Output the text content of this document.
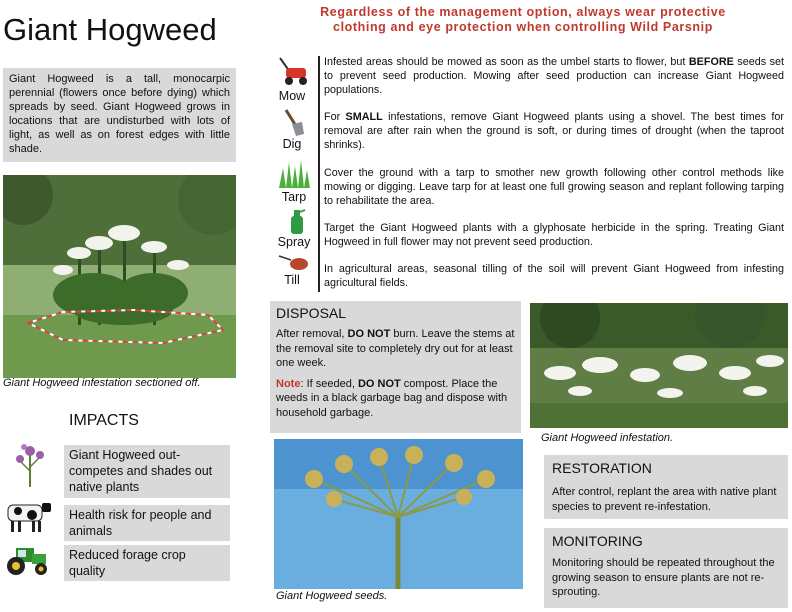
Giant Hogweed

Giant Hogweed is a tall, monocarpic perennial (flowers once before dying) which spreads by seed. Giant Hogweed grows in locations that are undisturbed with lots of light, as well as on forest edges with little shade.

Giant Hogweed infestation sectioned off.
Regardless of the management option, always wear protective
clothing and eye protection when controlling Wild Parsnip
Mow
Dig
Tarp
Spray
Till
Infested areas should be mowed as soon as the umbel starts to flower, but BEFORE seeds set to prevent seed production. Mowing after seed production can increase Giant Hogweed populations.
For SMALL infestations, remove Giant Hogweed plants using a shovel. The best times for removal are after rain when the ground is soft, or during times of drought (when the taproot shrinks).
Cover the ground with a tarp to smother new growth following other control methods like mowing or digging. Leave tarp for at least one full growing season and replant following tarping to rehabilitate the area.
Target the Giant Hogweed plants with a glyphosate herbicide in the spring. Treating Giant Hogweed in full flower may not prevent seed production.
In agricultural areas, seasonal tilling of the soil will prevent Giant Hogweed from infesting agricultural fields.
DISPOSAL

After removal, DO NOT burn. Leave the stems at the removal site to completely dry out for at least one week.

Note: If seeded, DO NOT compost. Place the weeds in a black garbage bag and dispose with household garbage.

Giant Hogweed infestation.
IMPACTS
Giant Hogweed out-competes and shades out native plants
Health risk for people and animals
Reduced forage crop quality
Giant Hogweed seeds.
RESTORATION

After control, replant the area with native plant species to prevent re-infestation.

MONITORING

Monitoring should be repeated throughout the growing season to ensure plants are not re-sprouting.
